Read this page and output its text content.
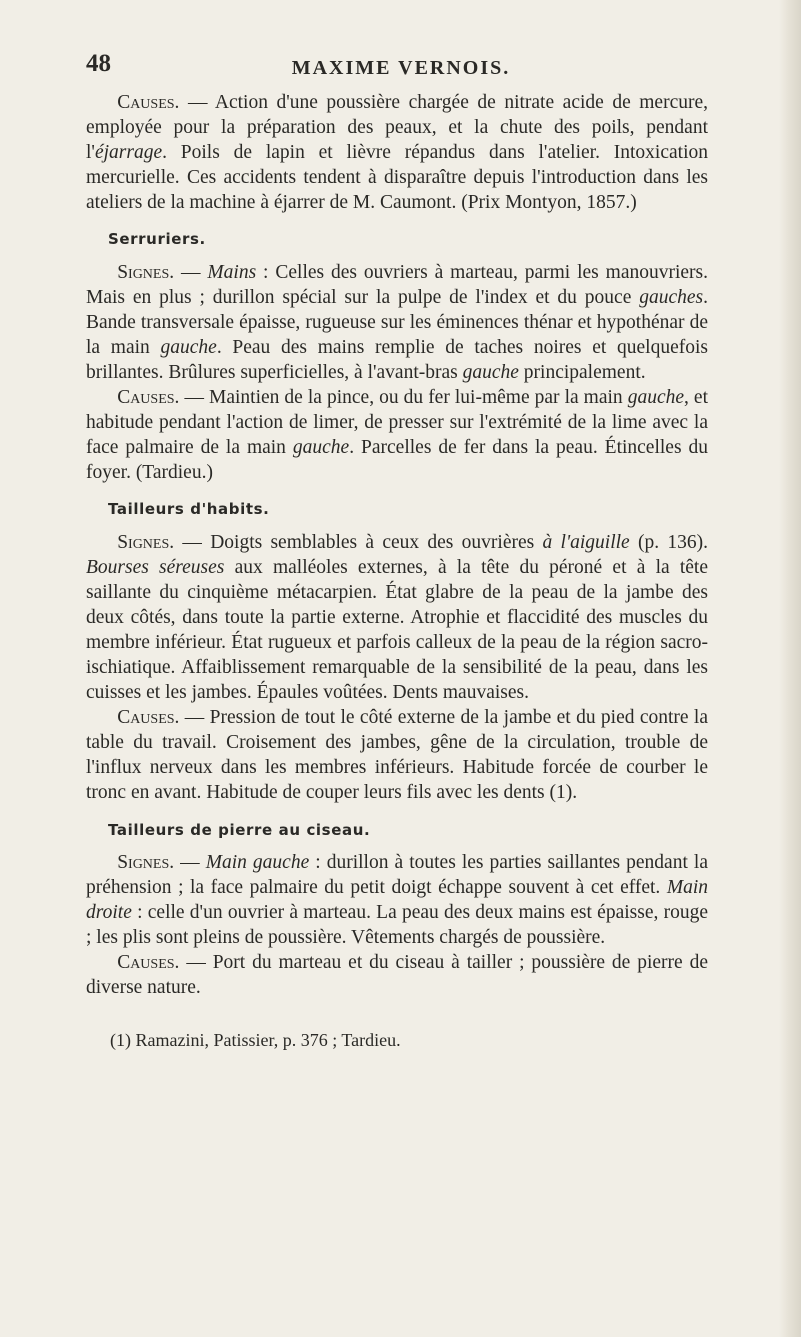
48	MAXIME VERNOIS.

Causes. — Action d'une poussière chargée de nitrate acide de mercure, employée pour la préparation des peaux, et la chute des poils, pendant l'éjarrage. Poils de lapin et lièvre répandus dans l'atelier. Intoxication mercurielle. Ces accidents tendent à disparaître depuis l'introduction dans les ateliers de la machine à éjarrer de M. Caumont. (Prix Montyon, 1857.)

Serruriers.

Signes. — Mains : Celles des ouvriers à marteau, parmi les manouvriers. Mais en plus ; durillon spécial sur la pulpe de l'index et du pouce gauches. Bande transversale épaisse, rugueuse sur les éminences thénar et hypothénar de la main gauche. Peau des mains remplie de taches noires et quelquefois brillantes. Brûlures superficielles, à l'avant-bras gauche principalement.

Causes. — Maintien de la pince, ou du fer lui-même par la main gauche, et habitude pendant l'action de limer, de presser sur l'extrémité de la lime avec la face palmaire de la main gauche. Parcelles de fer dans la peau. Étincelles du foyer. (Tardieu.)

Tailleurs d'habits.

Signes. — Doigts semblables à ceux des ouvrières à l'aiguille (p. 136). Bourses séreuses aux malléoles externes, à la tête du péroné et à la tête saillante du cinquième métacarpien. État glabre de la peau de la jambe des deux côtés, dans toute la partie externe. Atrophie et flaccidité des muscles du membre inférieur. État rugueux et parfois calleux de la peau de la région sacro-ischiatique. Affaiblissement remarquable de la sensibilité de la peau, dans les cuisses et les jambes. Épaules voûtées. Dents mauvaises.

Causes. — Pression de tout le côté externe de la jambe et du pied contre la table du travail. Croisement des jambes, gêne de la circulation, trouble de l'influx nerveux dans les membres inférieurs. Habitude forcée de courber le tronc en avant. Habitude de couper leurs fils avec les dents (1).

Tailleurs de pierre au ciseau.

Signes. — Main gauche : durillon à toutes les parties saillantes pendant la préhension ; la face palmaire du petit doigt échappe souvent à cet effet. Main droite : celle d'un ouvrier à marteau. La peau des deux mains est épaisse, rouge ; les plis sont pleins de poussière. Vêtements chargés de poussière.

Causes. — Port du marteau et du ciseau à tailler ; poussière de pierre de diverse nature.

(1) Ramazini, Patissier, p. 376 ; Tardieu.
